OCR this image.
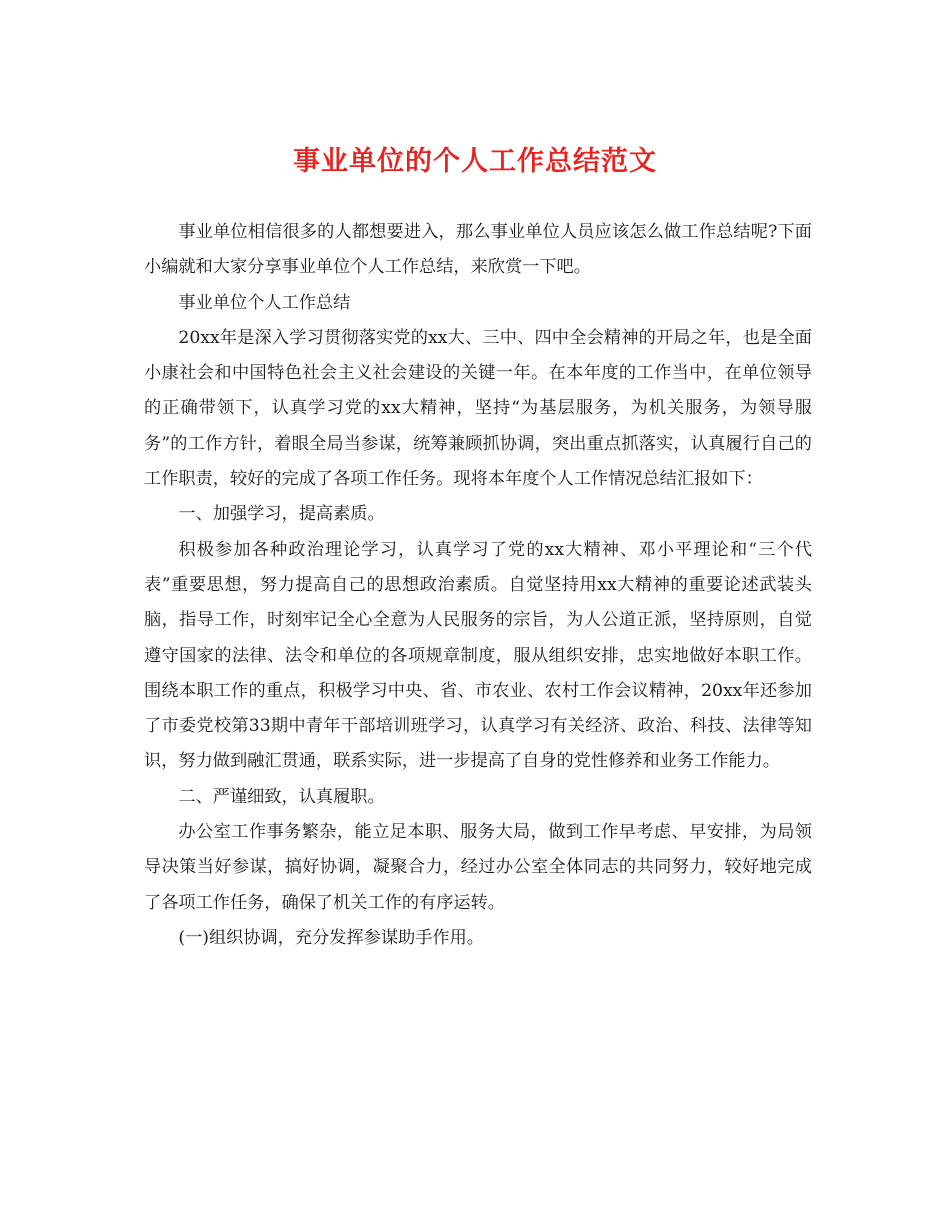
事业单位的个人工作总结范文

事业单位相信很多的人都想要进入，那么事业单位人员应该怎么做工作总结呢?下面小编就和大家分享事业单位个人工作总结，来欣赏一下吧。

事业单位个人工作总结

20xx年是深入学习贯彻落实党的xx大、三中、四中全会精神的开局之年，也是全面小康社会和中国特色社会主义社会建设的关键一年。在本年度的工作当中，在单位领导的正确带领下，认真学习党的xx大精神，坚持“为基层服务，为机关服务，为领导服务”的工作方针，着眼全局当参谋，统筹兼顾抓协调，突出重点抓落实，认真履行自己的工作职责，较好的完成了各项工作任务。现将本年度个人工作情况总结汇报如下：

一、加强学习，提高素质。

积极参加各种政治理论学习，认真学习了党的xx大精神、邓小平理论和“三个代表”重要思想，努力提高自己的思想政治素质。自觉坚持用xx大精神的重要论述武装头脑，指导工作，时刻牢记全心全意为人民服务的宗旨，为人公道正派，坚持原则，自觉遵守国家的法律、法令和单位的各项规章制度，服从组织安排，忠实地做好本职工作。围绕本职工作的重点，积极学习中央、省、市农业、农村工作会议精神，20xx年还参加了市委党校第33期中青年干部培训班学习，认真学习有关经济、政治、科技、法律等知识，努力做到融汇贯通，联系实际，进一步提高了自身的党性修养和业务工作能力。

二、严谨细致，认真履职。

办公室工作事务繁杂，能立足本职、服务大局，做到工作早考虑、早安排，为局领导决策当好参谋，搞好协调，凝聚合力，经过办公室全体同志的共同努力，较好地完成了各项工作任务，确保了机关工作的有序运转。

(一)组织协调，充分发挥参谋助手作用。
